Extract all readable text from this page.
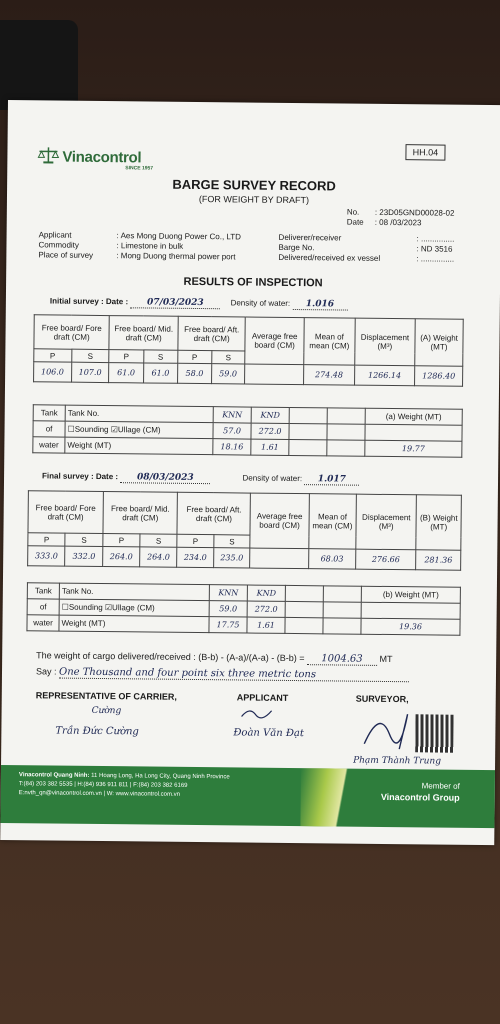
Vinacontrol
SINCE 1957
HH.04
BARGE SURVEY RECORD
(FOR WEIGHT BY DRAFT)
No. : 23D05GND00028-02
Date : 08 /03/2023
Applicant	: Aes Mong Duong Power Co., LTD
Commodity	: Limestone in bulk
Place of survey	: Mong Duong thermal power port
Deliverer/receiver	: ...............
Barge No.	: ND 3516
Delivered/received ex vessel	: ...............
RESULTS OF INSPECTION
Initial survey : Date : 07/03/2023	Density of water: 1.016
Free board/ Fore draft (CM)		Free board/ Mid. draft (CM)		Free board/ Aft. draft (CM)		Average free board (CM)	Mean of mean (CM)	Displacement (M³)	(A) Weight (MT)
P	S	P	S	P	S				
106.0	107.0	61.0	61.0	58.0	59.0		274.48	1266.14	1286.40
Tank	Tank No.	KNN	KND			(a) Weight (MT)
of	☐Sounding ☑Ullage (CM)	57.0	272.0			
water	Weight (MT)	18.16	1.61			19.77
Final survey : Date : 08/03/2023	Density of water: 1.017
Free board/ Fore draft (CM)		Free board/ Mid. draft (CM)		Free board/ Aft. draft (CM)		Average free board (CM)	Mean of mean (CM)	Displacement (M³)	(B) Weight (MT)
P	S	P	S	P	S				
333.0	332.0	264.0	264.0	234.0	235.0		68.03	276.66	281.36
Tank	Tank No.	KNN	KND			(b) Weight (MT)
of	☐Sounding ☑Ullage (CM)	59.0	272.0			
water	Weight (MT)	17.75	1.61			19.36
The weight of cargo delivered/received : (B-b) - (A-a)/(A-a) - (B-b) = 1004.63 MT
Say : One Thousand and four point six three metric tons
REPRESENTATIVE OF CARRIER,	APPLICANT	SURVEYOR,
Cường
Trần Đức Cường	Đoàn Văn Đạt
Phạm Thành Trung
Vinacontrol Quang Ninh: 11 Hoang Long, Ha Long City, Quang Ninh Province
T:(84) 203 382 5535 | H:(84) 936 911 811 | F:(84) 203 382 6169
E:nvth_qn@vinacontrol.com.vn | W: www.vinacontrol.com.vn
Member of
Vinacontrol Group
